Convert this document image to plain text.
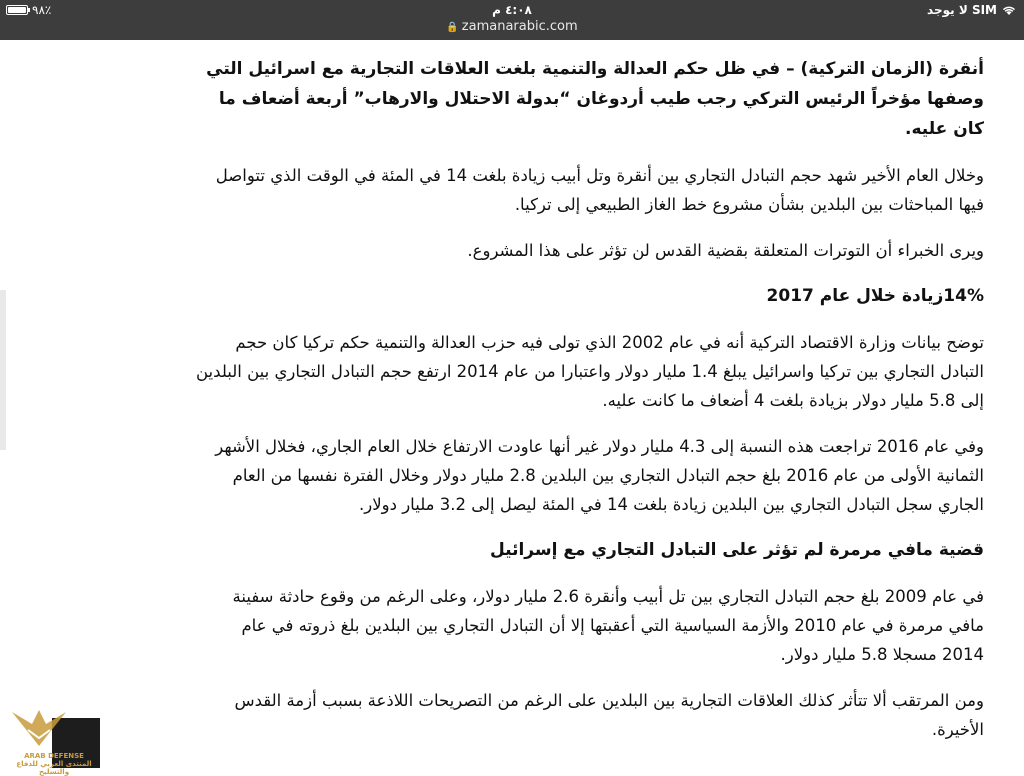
٩٨٪	٤:٠٨ م	لا يوجد SIM
🔒 zamanarabic.com

أنقرة (الزمان التركية) – في ظل حكم العدالة والتنمية بلغت العلاقات التجارية مع اسرائيل التي وصفها مؤخراً الرئيس التركي رجب طيب أردوغان “بدولة الاحتلال والارهاب” أربعة أضعاف ما كان عليه.

وخلال العام الأخير شهد حجم التبادل التجاري بين أنقرة وتل أبيب زيادة بلغت 14 في المئة في الوقت الذي تتواصل فيها المباحثات بين البلدين بشأن مشروع خط الغاز الطبيعي إلى تركيا.

ويرى الخبراء أن التوترات المتعلقة بقضية القدس لن تؤثر على هذا المشروع.

14%زيادة خلال عام 2017

توضح بيانات وزارة الاقتصاد التركية أنه في عام 2002 الذي تولى فيه حزب العدالة والتنمية حكم تركيا كان حجم التبادل التجاري بين تركيا واسرائيل يبلغ 1.4 مليار دولار واعتبارا من عام 2014 ارتفع حجم التبادل التجاري بين البلدين إلى 5.8 مليار دولار بزيادة بلغت 4 أضعاف ما كانت عليه.

وفي عام 2016 تراجعت هذه النسبة إلى 4.3 مليار دولار غير أنها عاودت الارتفاع خلال العام الجاري، فخلال الأشهر الثمانية الأولى من عام 2016 بلغ حجم التبادل التجاري بين البلدين 2.8 مليار دولار وخلال الفترة نفسها من العام الجاري سجل التبادل التجاري بين البلدين زيادة بلغت 14 في المئة ليصل إلى 3.2 مليار دولار.

قضية مافي مرمرة لم تؤثر على التبادل التجاري مع إسرائيل

في عام 2009 بلغ حجم التبادل التجاري بين تل أبيب وأنقرة 2.6 مليار دولار، وعلى الرغم من وقوع حادثة سفينة مافي مرمرة في عام 2010 والأزمة السياسية التي أعقبتها إلا أن التبادل التجاري بين البلدين بلغ ذروته في عام 2014 مسجلا 5.8 مليار دولار.

ومن المرتقب ألا تتأثر كذلك العلاقات التجارية بين البلدين على الرغم من التصريحات اللاذعة بسبب أزمة القدس الأخيرة.

ARAB DEFENSE
المنتدى العربي للدفاع والتسليح
